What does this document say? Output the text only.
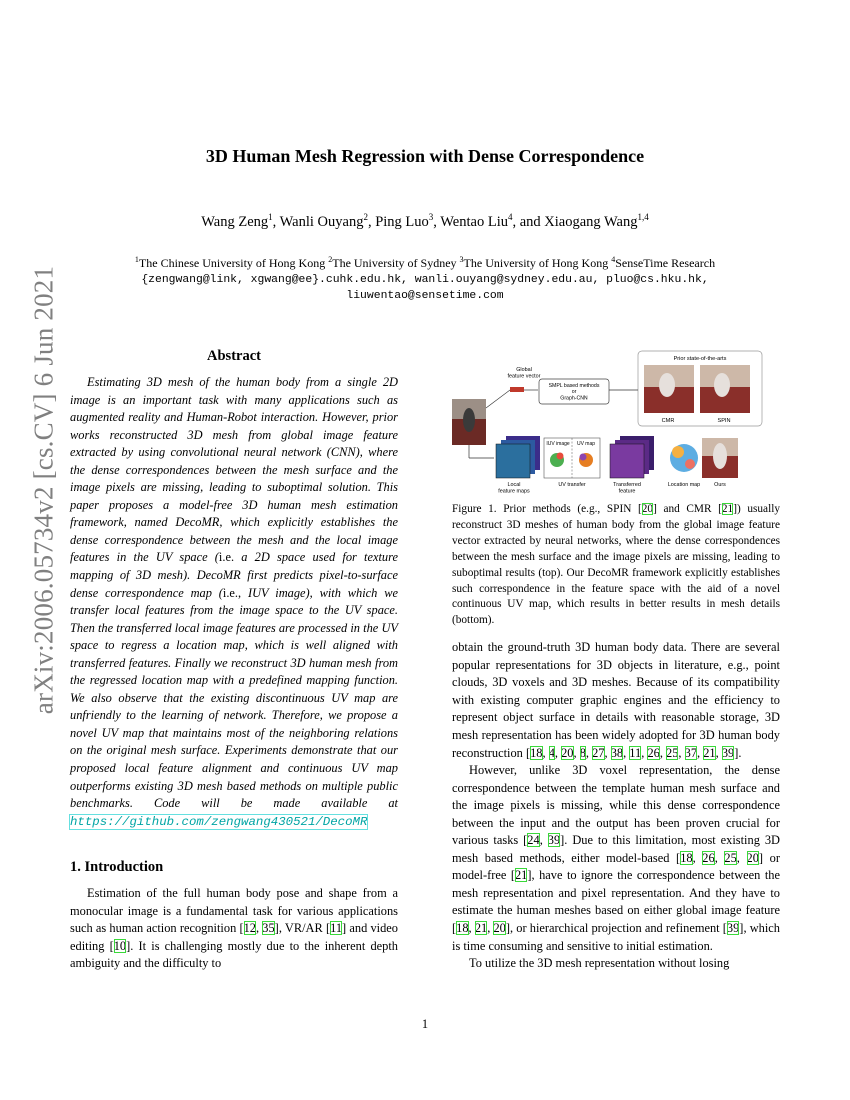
arXiv:2006.05734v2 [cs.CV] 6 Jun 2021
3D Human Mesh Regression with Dense Correspondence
Wang Zeng$^1$, Wanli Ouyang$^2$, Ping Luo$^3$, Wentao Liu$^4$, and Xiaogang Wang$^{1,4}$
$^1$The Chinese University of Hong Kong $^2$The University of Sydney $^3$The University of Hong Kong $^4$SenseTime Research
{zengwang@link, xgwang@ee}.cuhk.edu.hk, wanli.ouyang@sydney.edu.au, pluo@cs.hku.hk,
liuwentao@sensetime.com
Abstract

Estimating 3D mesh of the human body from a single 2D image is an important task with many applications such as augmented reality and Human-Robot interaction. However, prior works reconstructed 3D mesh from global image feature extracted by using convolutional neural network (CNN), where the dense correspondences between the mesh surface and the image pixels are missing, leading to suboptimal solution. This paper proposes a model-free 3D human mesh estimation framework, named DecoMR, which explicitly establishes the dense correspondence between the mesh and the local image features in the UV space (i.e. a 2D space used for texture mapping of 3D mesh). DecoMR first predicts pixel-to-surface dense correspondence map (i.e., IUV image), with which we transfer local features from the image space to the UV space. Then the transferred local image features are processed in the UV space to regress a location map, which is well aligned with transferred features. Finally we reconstruct 3D human mesh from the regressed location map with a predefined mapping function. We also observe that the existing discontinuous UV map are unfriendly to the learning of network. Therefore, we propose a novel UV map that maintains most of the neighboring relations on the original mesh surface. Experiments demonstrate that our proposed local feature alignment and continuous UV map outperforms existing 3D mesh based methods on multiple public benchmarks. Code will be made available at https://github.com/zengwang430521/DecoMR

1. Introduction

Estimation of the full human body pose and shape from a monocular image is a fundamental task for various applications such as human action recognition [12, 35], VR/AR [11] and video editing [10]. It is challenging mostly due to the inherent depth ambiguity and the difficulty to

Prior state-of-the-arts
CMR	SPIN
Global feature vector
SMPL based methods or Graph-CNN
Local feature maps
IUV image UV map
UV transfer	Transferred feature
Location map	Ours

Figure 1. Prior methods (e.g., SPIN [20] and CMR [21]) usually reconstruct 3D meshes of human body from the global image feature vector extracted by neural networks, where the dense correspondences between the mesh surface and the image pixels are missing, leading to suboptimal results (top). Our DecoMR framework explicitly establishes such correspondence in the feature space with the aid of a novel continuous UV map, which results in better results in mesh details (bottom).

obtain the ground-truth 3D human body data. There are several popular representations for 3D objects in literature, e.g., point clouds, 3D voxels and 3D meshes. Because of its compatibility with existing computer graphic engines and the efficiency to represent object surface in details with reasonable storage, 3D mesh representation has been widely adopted for 3D human body reconstruction [18, 4, 20, 8, 27, 38, 11, 26, 25, 37, 21, 39].

However, unlike 3D voxel representation, the dense correspondence between the template human mesh surface and the image pixels is missing, while this dense correspondence between the input and the output has been proven crucial for various tasks [24, 39]. Due to this limitation, most existing 3D mesh based methods, either model-based [18, 26, 25, 20] or model-free [21], have to ignore the correspondence between the mesh representation and pixel representation. And they have to estimate the human meshes based on either global image feature [18, 21, 20], or hierarchical projection and refinement [39], which is time consuming and sensitive to initial estimation.

To utilize the 3D mesh representation without losing

1
